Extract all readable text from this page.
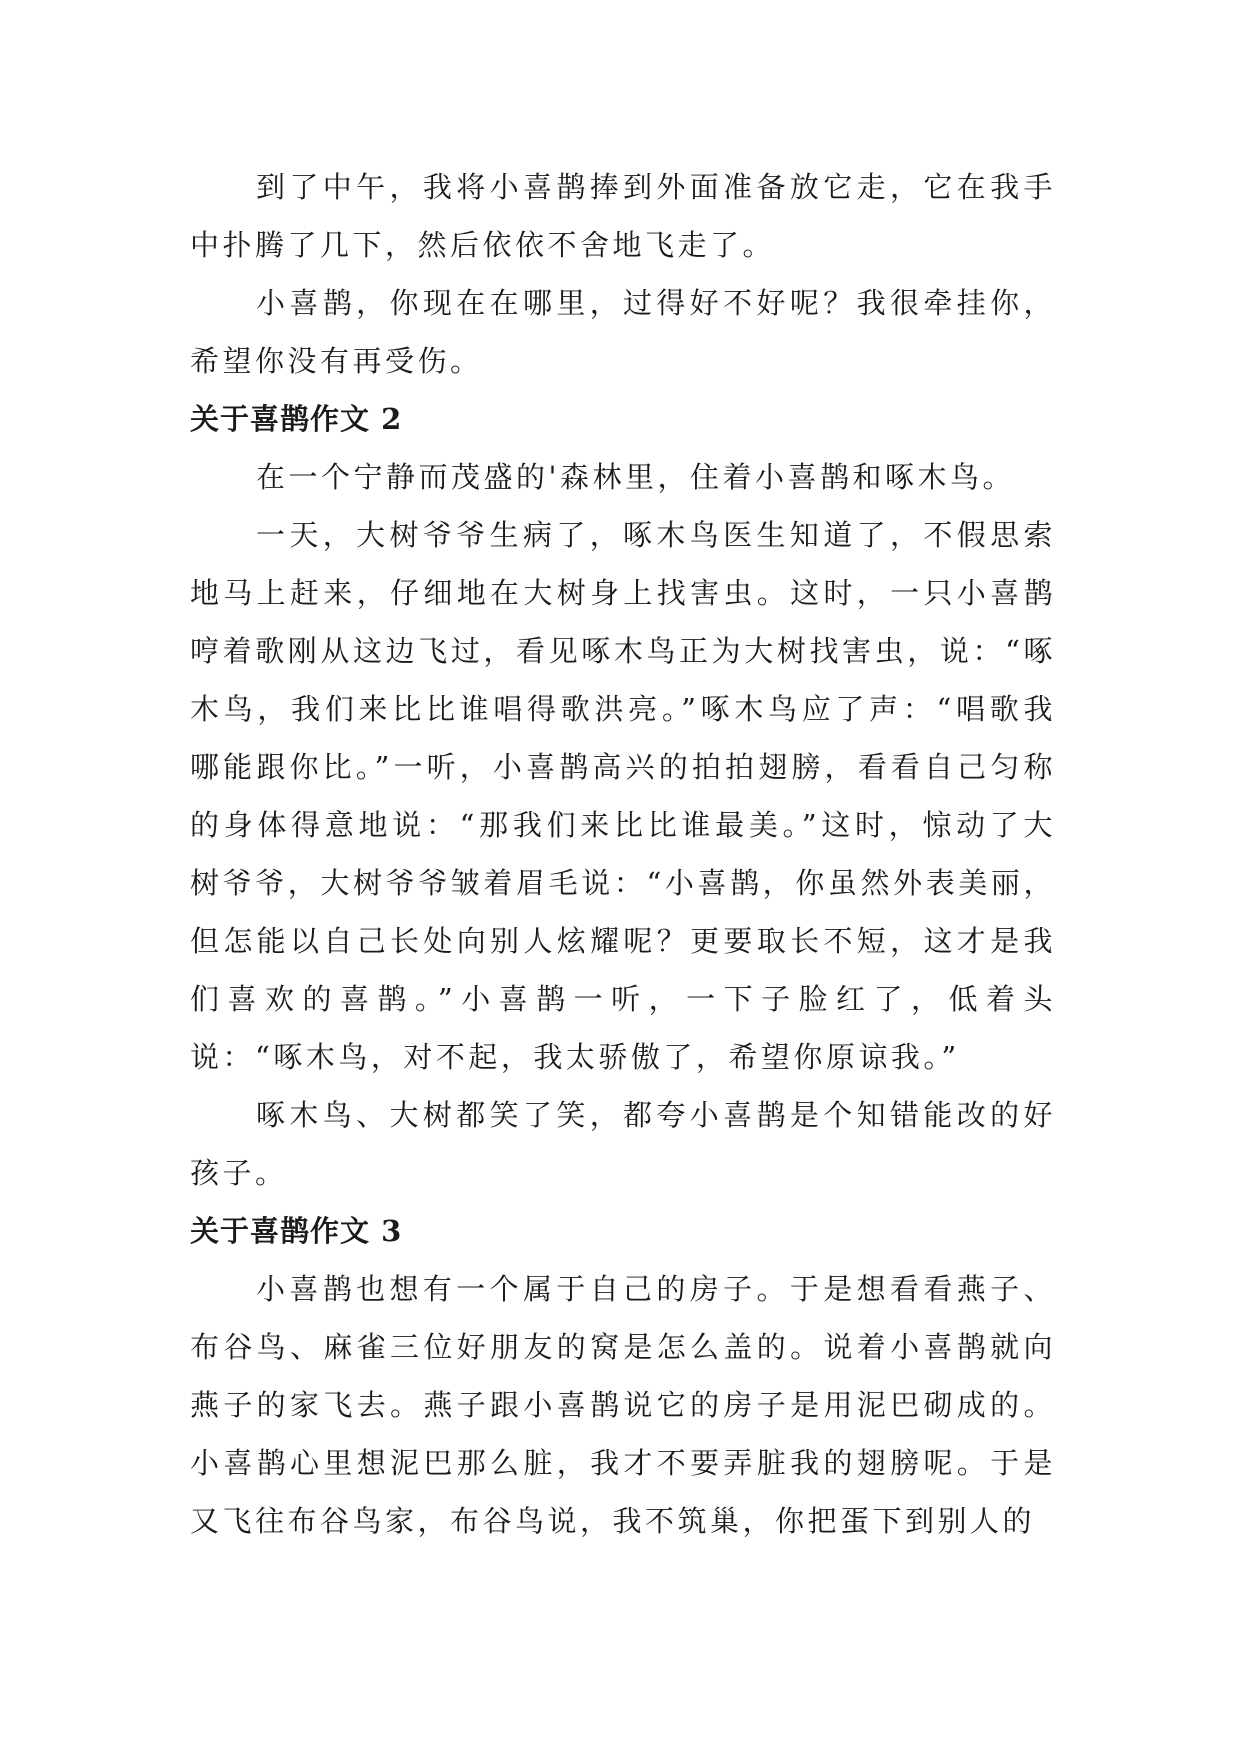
到了中午，我将小喜鹊捧到外面准备放它走，它在我手中扑腾了几下，然后依依不舍地飞走了。

小喜鹊，你现在在哪里，过得好不好呢？我很牵挂你，希望你没有再受伤。

关于喜鹊作文 2

在一个宁静而茂盛的'森林里，住着小喜鹊和啄木鸟。

一天，大树爷爷生病了，啄木鸟医生知道了，不假思索地马上赶来，仔细地在大树身上找害虫。这时，一只小喜鹊哼着歌刚从这边飞过，看见啄木鸟正为大树找害虫，说：“啄木鸟，我们来比比谁唱得歌洪亮。”啄木鸟应了声：“唱歌我哪能跟你比。”一听，小喜鹊高兴的拍拍翅膀，看看自己匀称的身体得意地说：“那我们来比比谁最美。”这时，惊动了大树爷爷，大树爷爷皱着眉毛说：“小喜鹊，你虽然外表美丽，但怎能以自己长处向别人炫耀呢？更要取长不短，这才是我们喜欢的喜鹊。”小喜鹊一听，一下子脸红了，低着头说：“啄木鸟，对不起，我太骄傲了，希望你原谅我。”

啄木鸟、大树都笑了笑，都夸小喜鹊是个知错能改的好孩子。

关于喜鹊作文 3

小喜鹊也想有一个属于自己的房子。于是想看看燕子、布谷鸟、麻雀三位好朋友的窝是怎么盖的。说着小喜鹊就向燕子的家飞去。燕子跟小喜鹊说它的房子是用泥巴砌成的。小喜鹊心里想泥巴那么脏，我才不要弄脏我的翅膀呢。于是又飞往布谷鸟家，布谷鸟说，我不筑巢，你把蛋下到别人的
